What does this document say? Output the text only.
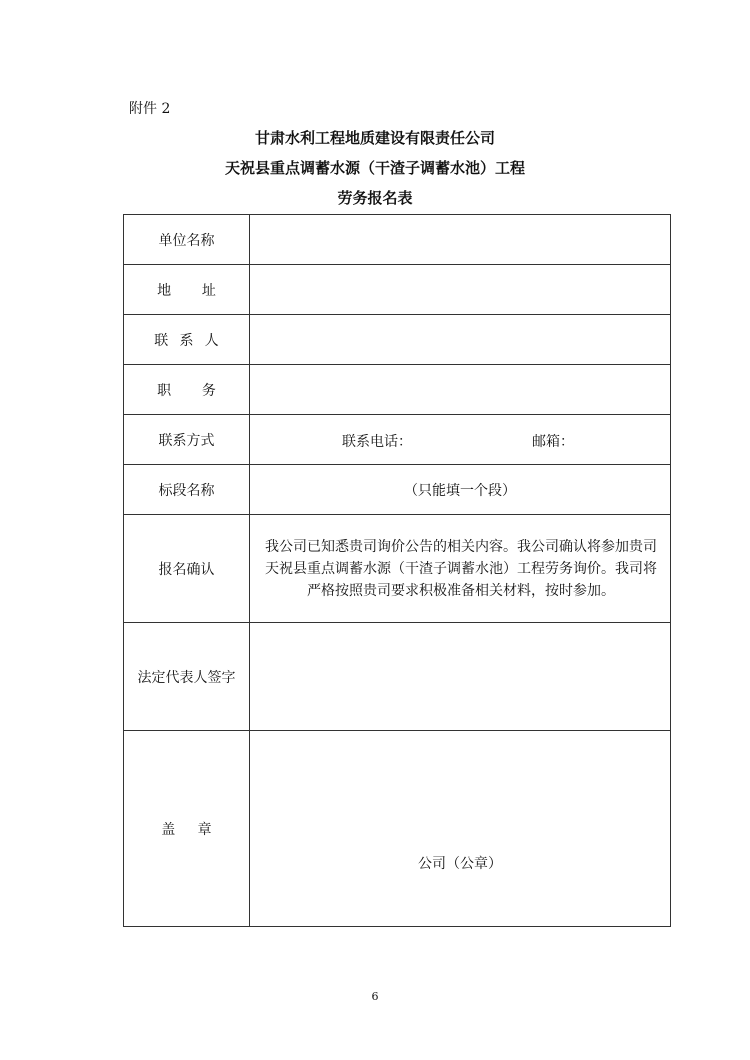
附件 2
甘肃水利工程地质建设有限责任公司
天祝县重点调蓄水源（干渣子调蓄水池）工程
劳务报名表
单位名称	
地址	
联系人	
职务	
联系方式	联系电话： 邮箱：

标段名称	（只能填一个段）
报名确认	我公司已知悉贵司询价公告的相关内容。我公司确认将参加贵司天祝县重点调蓄水源（干渣子调蓄水池）工程劳务询价。我司将严格按照贵司要求积极准备相关材料，按时参加。
法定代表人签字	
盖章	公司（公章）
6
